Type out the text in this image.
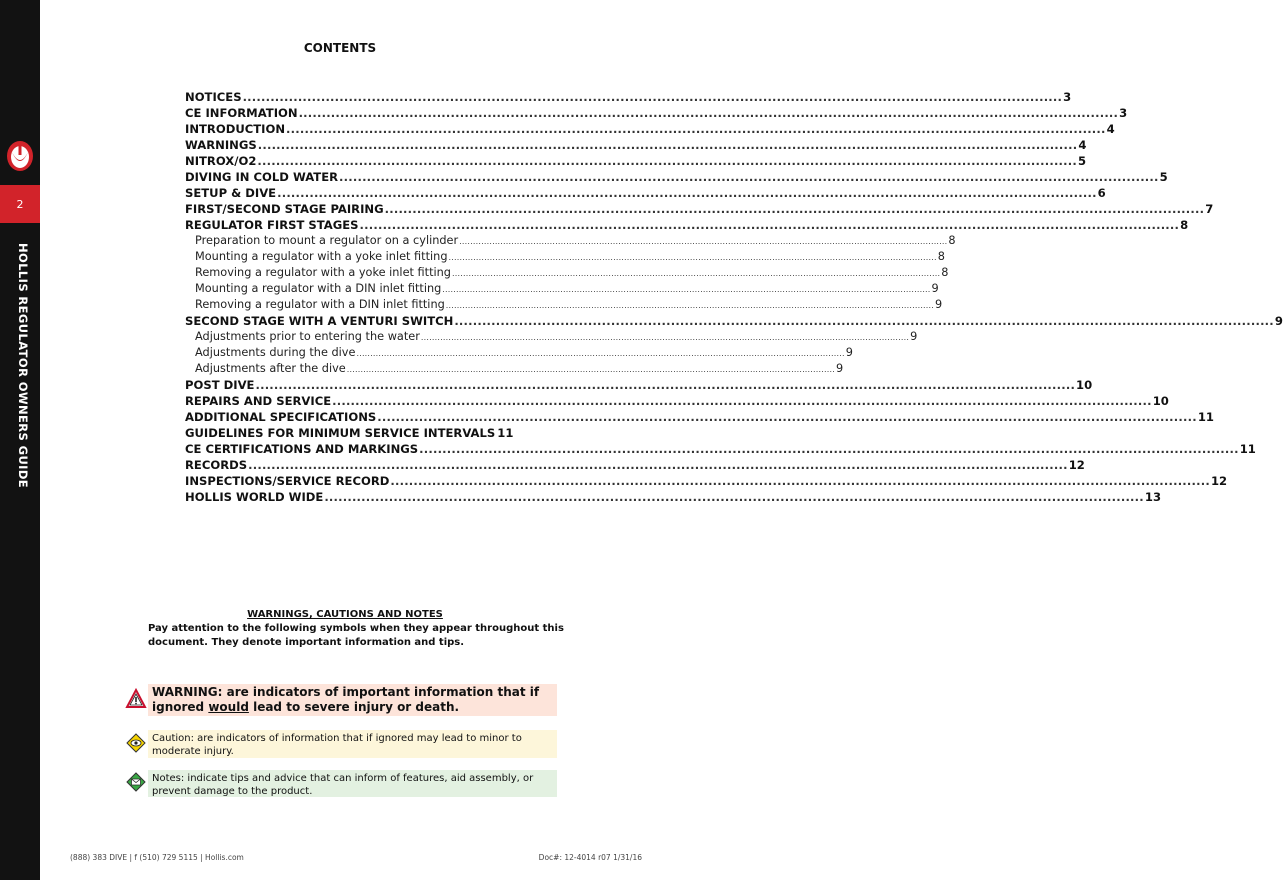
2
HOLLIS REGULATOR OWNERS GUIDE
CONTENTS
NOTICES .....	3
CE INFORMATION .....	3
INTRODUCTION .....	4
WARNINGS .....	4
NITROX/O2 .....	5
DIVING IN COLD WATER .....	5
SETUP & DIVE .....	6
FIRST/SECOND STAGE PAIRING .....	7
REGULATOR FIRST STAGES .....	8
Preparation to mount a regulator on a cylinder .....	8
Mounting a regulator with a yoke inlet fitting .....	8
Removing a regulator with a yoke inlet fitting .....	8
Mounting a regulator with a DIN inlet fitting .....	9
Removing a regulator with a DIN inlet fitting .....	9
SECOND STAGE WITH A VENTURI SWITCH .....	9
Adjustments prior to entering the water .....	9
Adjustments during the dive .....	9
Adjustments after the dive .....	9
POST DIVE .....	10
REPAIRS AND SERVICE .....	10
ADDITIONAL SPECIFICATIONS .....	11
GUIDELINES FOR MINIMUM SERVICE INTERVALS 11
CE CERTIFICATIONS AND MARKINGS .....	11
RECORDS .....	12
INSPECTIONS/SERVICE RECORD .....	12
HOLLIS WORLD WIDE .....	13
WARNINGS, CAUTIONS AND NOTES
Pay attention to the following symbols when they appear throughout this document. They denote important information and tips.
WARNING: are indicators of important information that if ignored would lead to severe injury or death.
Caution: are indicators of information that if ignored may lead to minor to moderate injury.
Notes: indicate tips and advice that can inform of features, aid assembly, or prevent damage to the product.
(888) 383 DIVE | f (510) 729 5115 | Hollis.com	Doc#: 12-4014 r07 1/31/16
